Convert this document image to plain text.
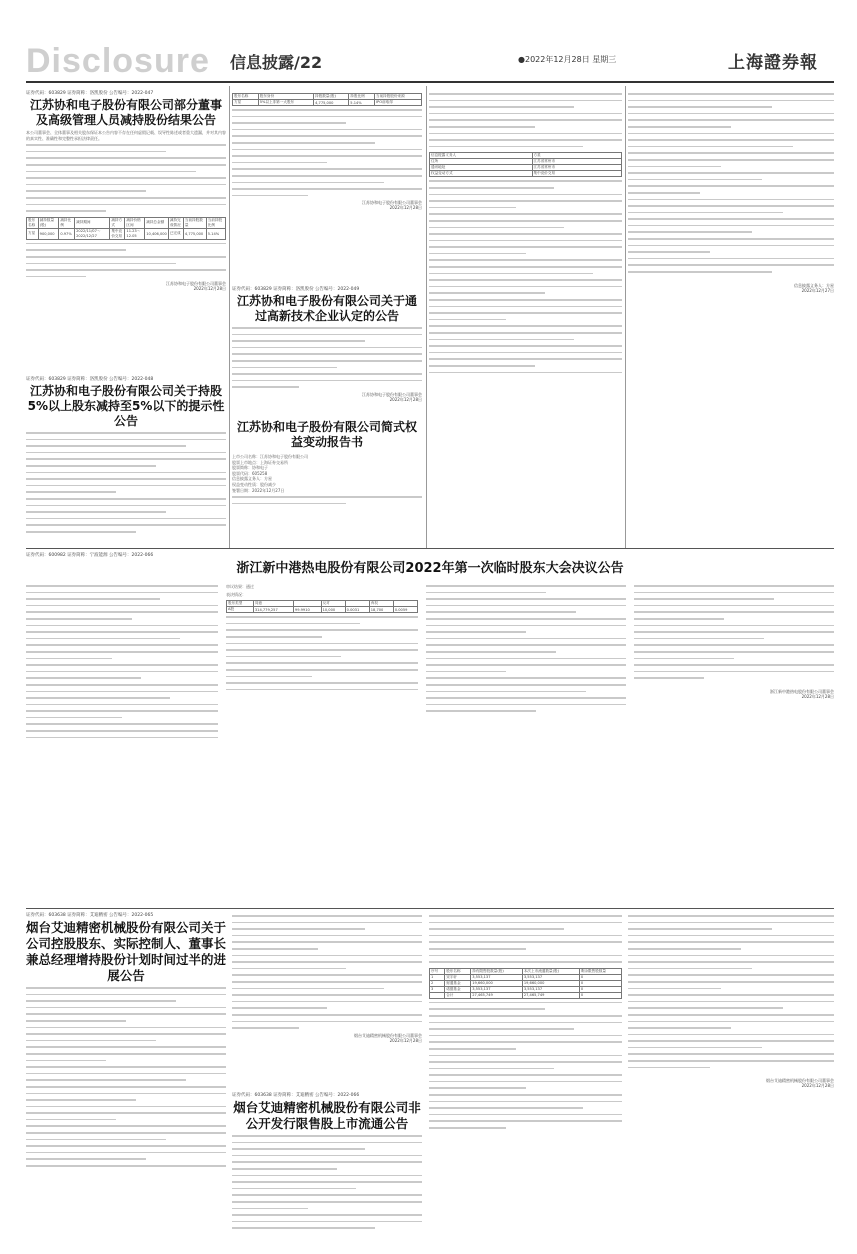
Disclosure 信息披露/22	●2022年12月28日 星期三	上海證券報
证券代码：603829 证券简称：洛凯股份 公告编号：2022-047
江苏协和电子股份有限公司部分董事及高级管理人员减持股份结果公告
本公司董事会、全体董事及相关股东保证本公告内容不存在任何虚假记载、误导性陈述或者重大遗漏，并对其内容的真实性、准确性和完整性承担法律责任。
股东名称	减持数量(股)	减持比例	减持期间	减持方式	减持价格区间	减持总金额	减持完成情况	当前持股数量	当前持股比例
方星	900,000	0.97%	2022/11/07～2022/12/27	集中竞价交易	11.23～12.05	10,406,000	已完成	4,775,000	5.14%
江苏协和电子股份有限公司董事会
2022年12月28日
证券代码：603829 证券简称：洛凯股份 公告编号：2022-048
江苏协和电子股份有限公司关于持股5%以上股东减持至5%以下的提示性公告
股东名称	股东身份	持股数量(股)	持股比例	当前持股股份来源
方星	5%以上非第一大股东	4,775,000	5.14%	IPO前取得
江苏协和电子股份有限公司董事会
2022年12月28日
证券代码：603829 证券简称：洛凯股份 公告编号：2022-049
江苏协和电子股份有限公司关于通过高新技术企业认定的公告
江苏协和电子股份有限公司董事会
2022年12月28日
江苏协和电子股份有限公司简式权益变动报告书
上市公司名称：江苏协和电子股份有限公司
股票上市地点：上海证券交易所
股票简称：协和电子
股票代码：605258
信息披露义务人：方星
权益变动性质：股份减少
签署日期：2022年12月27日
信息披露义务人	方星
住所	江苏省常州市
通讯地址	江苏省常州市
权益变动方式	集中竞价交易
信息披露义务人：方星
2022年12月27日
证券代码：600982 证券简称：宁波能源 公告编号：2022-066
浙江新中港热电股份有限公司2022年第一次临时股东大会决议公告
审议结果：通过
表决情况：
股东类型	同意		反对		弃权	
A股	314,779,257	99.9910	10,000	0.0031	18,700	0.0059
浙江新中港热电股份有限公司董事会
2022年12月28日
证券代码：603638 证券简称：艾迪精密 公告编号：2022-065
烟台艾迪精密机械股份有限公司关于公司控股股东、实际控制人、董事长兼总经理增持股份计划时间过半的进展公告
烟台艾迪精密机械股份有限公司董事会
2022年12月28日
证券代码：603638 证券简称：艾迪精密 公告编号：2022-066
烟台艾迪精密机械股份有限公司非公开发行限售股上市流通公告
序号	股东名称	持有限售股数量(股)	本次上市流通数量(股)	剩余限售股数量
1	宋宇轩	3,553,137	3,553,137	0
2	财通基金	19,660,000	19,660,000	0
3	诺德基金	3,553,137	3,553,137	0
	合计	27,465,749	27,465,749	0
烟台艾迪精密机械股份有限公司董事会
2022年12月28日
